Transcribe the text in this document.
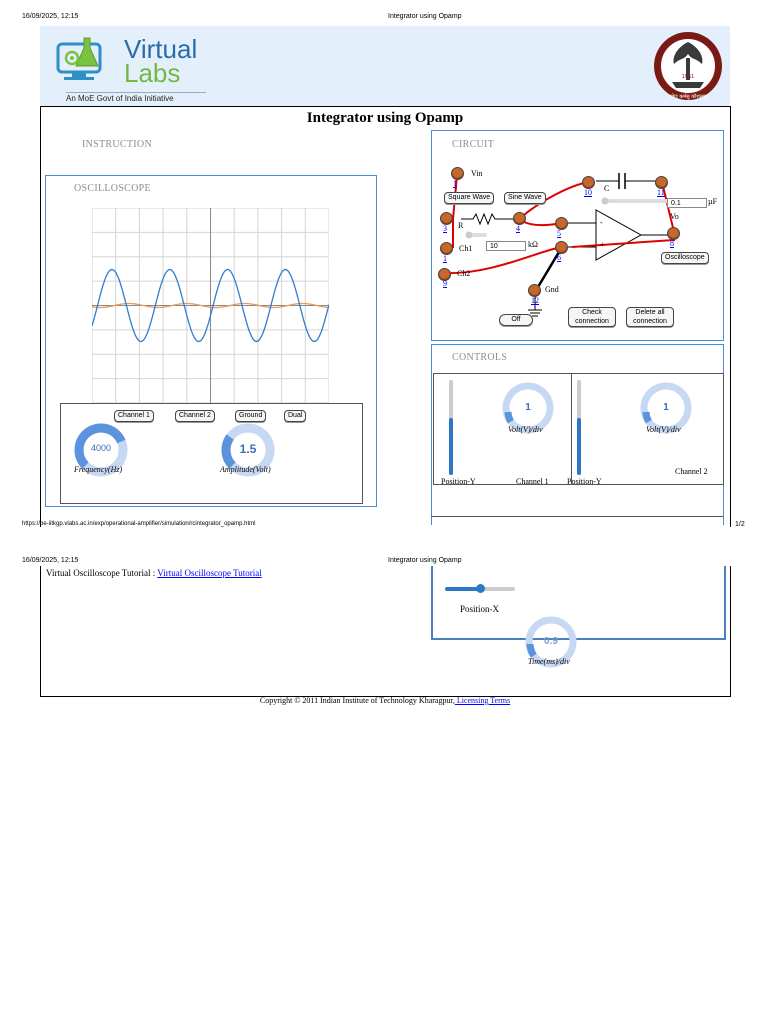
16/09/2025, 12:15	Integrator using Opamp
Virtual
Labs
An MoE Govt of India Initiative	योगः कर्मसु कौशलम्
1951
Integrator using Opamp
INSTRUCTION
OSCILLOSCOPE
Channel 1	Channel 2	Ground	Dual
4000
Frequency(Hz)
1.5
Amplitude(Volt)
CIRCUIT
1
3
1
4
5
6
10	11
8
9
12
Vin
R
C
Ch1
Ch2
Gnd
Vo
-
+
Square Wave	Sine Wave
0.1	µF
10	kΩ
Oscilloscope
Off
Check connection
Delete all connection
CONTROLS
1
Volt(V)/div
1
Volt(V)/div
Position-Y	Channel 1 Position-Y
Channel 2
https://be-iitkgp.vlabs.ac.in/exp/operational-amplifier/simulation/rcintegrator_opamp.html	1/2
16/09/2025, 12:15	Integrator using Opamp
Virtual Oscilloscope Tutorial : Virtual Oscilloscope Tutorial
Position-X
0.9
Time(ms)/div
Copyright © 2011 Indian Institute of Technology Kharagpur, Licensing Terms
